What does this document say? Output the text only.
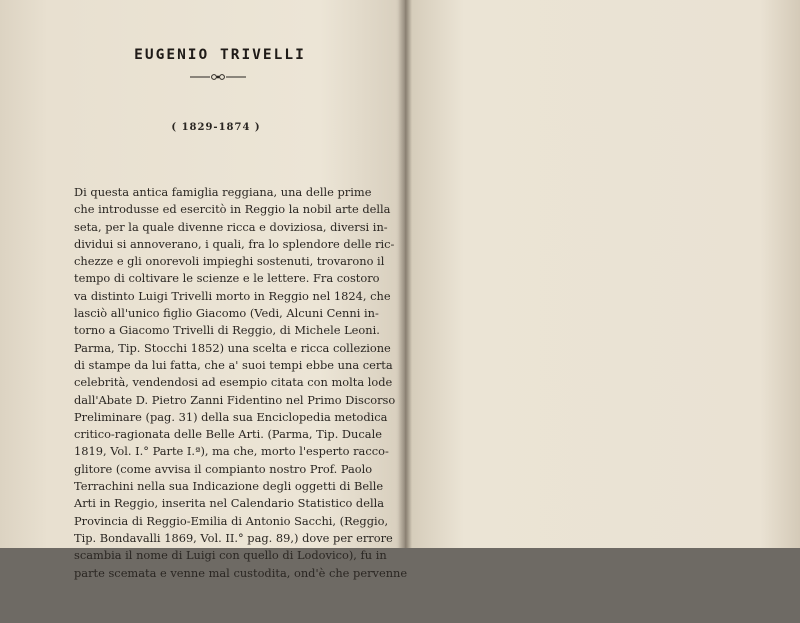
EUGENIO TRIVELLI
( 1829-1874 )
Di questa antica famiglia reggiana, una delle prime
che introdusse ed esercitò in Reggio la nobil arte della
seta, per la quale divenne ricca e doviziosa, diversi in-
dividui si annoverano, i quali, fra lo splendore delle ric-
chezze e gli onorevoli impieghi sostenuti, trovarono il
tempo di coltivare le scienze e le lettere. Fra costoro
va distinto Luigi Trivelli morto in Reggio nel 1824, che
lasciò all'unico figlio Giacomo (Vedi, Alcuni Cenni in-
torno a Giacomo Trivelli di Reggio, di Michele Leoni.
Parma, Tip. Stocchi 1852) una scelta e ricca collezione
di stampe da lui fatta, che a' suoi tempi ebbe una certa
celebrità, vendendosi ad esempio citata con molta lode
dall'Abate D. Pietro Zanni Fidentino nel Primo Discorso
Preliminare (pag. 31) della sua Enciclopedia metodica
critico-ragionata delle Belle Arti. (Parma, Tip. Ducale
1819, Vol. I.° Parte I.ª), ma che, morto l'esperto racco-
glitore (come avvisa il compianto nostro Prof. Paolo
Terrachini nella sua Indicazione degli oggetti di Belle
Arti in Reggio, inserita nel Calendario Statistico della
Provincia di Reggio-Emilia di Antonio Sacchi, (Reggio,
Tip. Bondavalli 1869, Vol. II.° pag. 89,) dove per errore
scambia il nome di Luigi con quello di Lodovico), fu in
parte scemata e venne mal custodita, ond'è che pervenne
